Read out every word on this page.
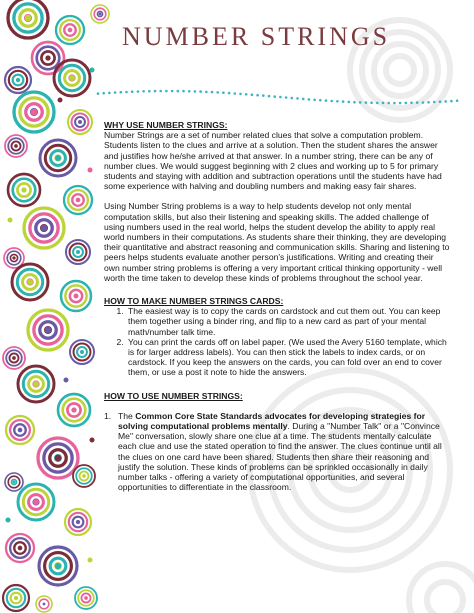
NUMBER STRINGS

WHY USE NUMBER STRINGS:

Number Strings are a set of number related clues that solve a computation problem. Students listen to the clues and arrive at a solution. Then the student shares the answer and justifies how he/she arrived at that answer. In a number string, there can be any of number clues. We would suggest beginning with 2 clues and working up to 5 for primary students and staying with addition and subtraction operations until the students have had some experience with halving and doubling numbers and making easy fair shares.

Using Number String problems is a way to help students develop not only mental computation skills, but also their listening and speaking skills. The added challenge of using numbers used in the real world, helps the student develop the ability to apply real world numbers in their computations. As students share their thinking, they are developing their quantitative and abstract reasoning and communication skills. Sharing and listening to peers helps students evaluate another person's justifications. Writing and creating their own number string problems is offering a very important critical thinking opportunity - well worth the time taken to develop these kinds of problems throughout the school year.

HOW TO MAKE NUMBER STRINGS CARDS:

1. The easiest way is to copy the cards on cardstock and cut them out. You can keep them together using a binder ring, and flip to a new card as part of your mental math/number talk time.
2. You can print the cards off on label paper. (We used the Avery 5160 template, which is for larger address labels). You can then stick the labels to index cards, or on cardstock. If you keep the answers on the cards, you can fold over an end to cover them, or use a post it note to hide the answers.

HOW TO USE NUMBER STRINGS:

1. The Common Core State Standards advocates for developing strategies for solving computational problems mentally. During a "Number Talk" or a "Convince Me" conversation, slowly share one clue at a time. The students mentally calculate each clue and use the stated operation to find the answer. The clues continue until all the clues on one card have been shared. Students then share their reasoning and justify the solution. These kinds of problems can be sprinkled occasionally in daily number talks - offering a variety of computational opportunities, and several opportunities to differentiate in the classroom.
